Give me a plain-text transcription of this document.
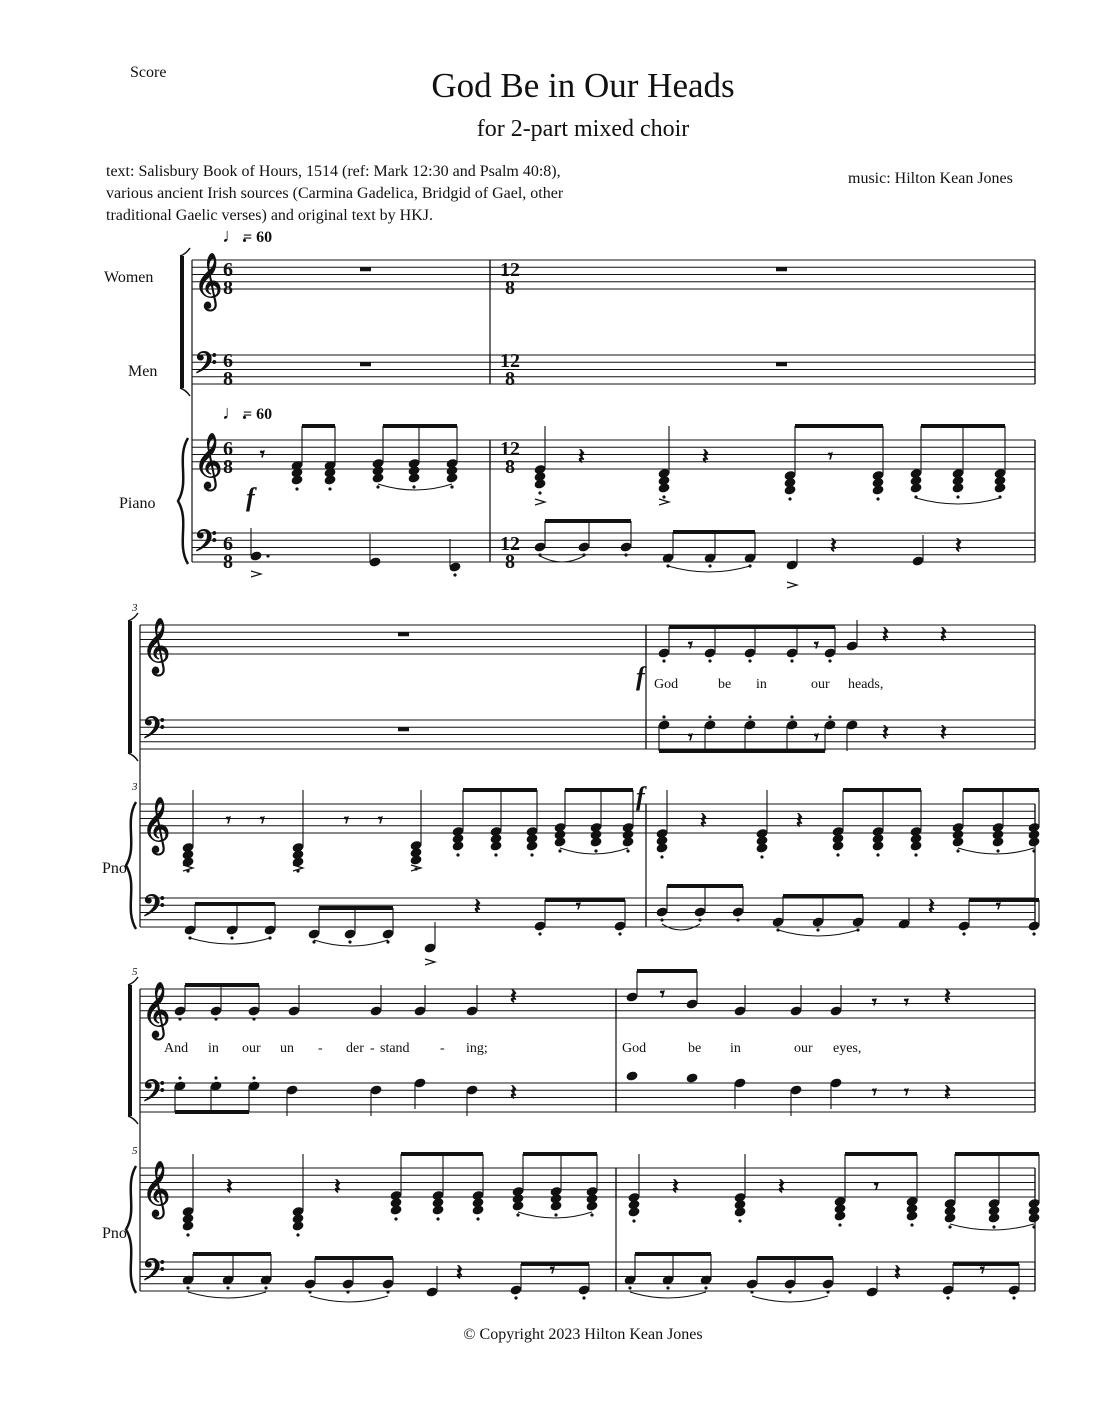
Score	God Be in Our Heads
for 2-part mixed choir
text: Salisbury Book of Hours, 1514 (ref: Mark 12:30 and Psalm 40:8),
various ancient Irish sources (Carmina Gadelica, Bridgid of Gael, other
traditional Gaelic verses) and original text by HKJ.
music: Hilton Kean Jones
© Copyright 2023 Hilton Kean Jones
𝄞
𝄢
𝄞
𝄢
𝄞
𝄢
𝄞
𝄢
𝄞
𝄢
𝄞
𝄢
𝄾	𝄽	𝄽	𝄾
𝄽	𝄽
𝄾	𝄾	𝄽 𝄽
𝄾	𝄾	𝄽 𝄽
𝄾 𝄾	𝄾 𝄾	𝄽	𝄽
𝄽	𝄾	𝄽	𝄾
𝄽	𝄾	𝄾 𝄾 𝄽
𝄽	𝄾 𝄾 𝄽
𝄽	𝄽	𝄽	𝄽	𝄾
𝄽	𝄾	𝄽	𝄾
Women
Men
Piano
Pno.
Pno.
♩.
= 60
♩.
= 60
6
8
6
8
6
8
6
8
12
8
12
8
12
8
12
8
3
3
5
5
f
f
f
God	be in	our heads,
And in our un - der - stand - ing;	God	be in	our eyes,
